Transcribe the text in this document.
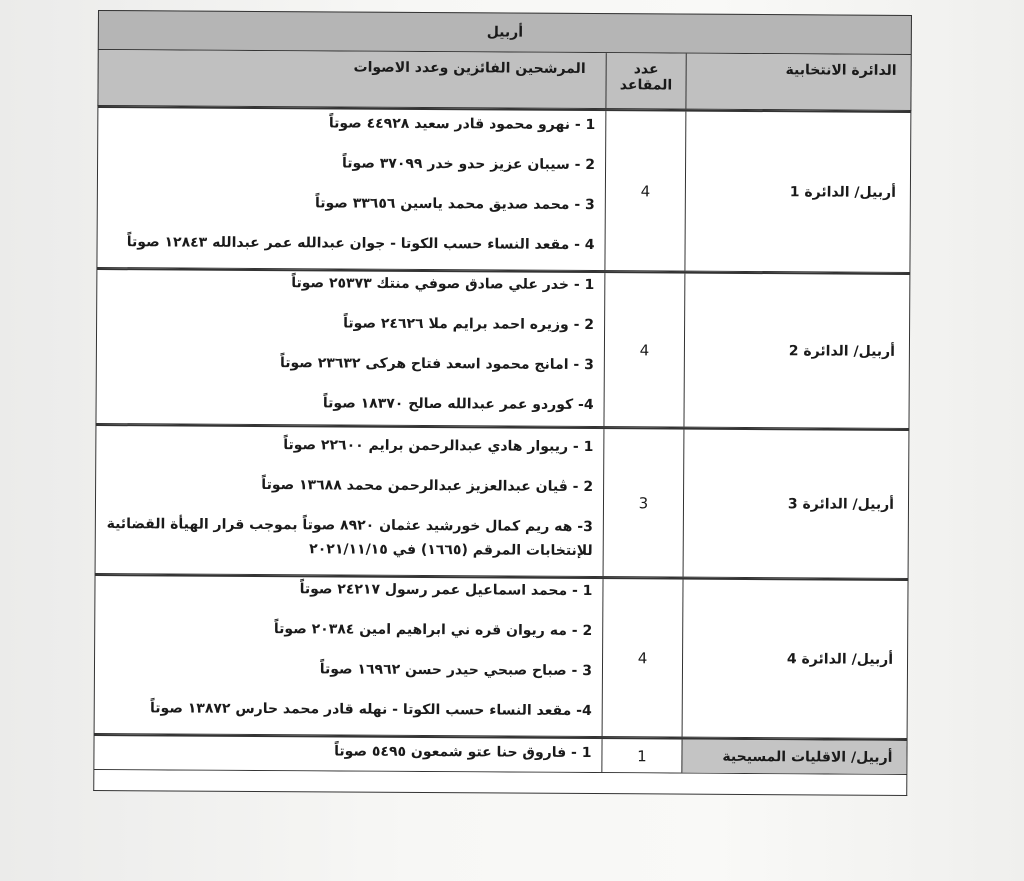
أربيل
الدائرة الانتخابية
عدد المقاعد
المرشحين الفائزين وعدد الاصوات
أربيل/ الدائرة 1
4
1 - نهرو محمود قادر سعيد ٤٤٩٢٨ صوتاً
2 - سيبان عزيز حدو خدر ٣٧٠٩٩ صوتاً
3 - محمد صديق محمد ياسين ٣٣٦٥٦ صوتاً
4 - مقعد النساء حسب الكوتا - جوان عبدالله عمر عبدالله ١٢٨٤٣ صوتاً
أربيل/ الدائرة 2
4
1 - خدر علي صادق صوفي منتك ٢٥٣٧٣ صوتاً
2 - وزيره احمد برايم ملا ٢٤٦٢٦ صوتاً
3 - امانج محمود اسعد فتاح هركى ٢٣٦٣٢ صوتاً
4- كوردو عمر عبدالله صالح ١٨٣٧٠ صوتاً
أربيل/ الدائرة 3
3
1 - ريبوار هادي عبدالرحمن برايم ٢٢٦٠٠ صوتاً
2 - ڤيان عبدالعزيز عبدالرحمن محمد ١٣٦٨٨ صوتاً
3- هه ريم كمال خورشيد عثمان ٨٩٢٠ صوتاً بموجب قرار الهيأة القضائية للإنتخابات المرقم (١٦٦٥) في ٢٠٢١/١١/١٥
أربيل/ الدائرة 4
4
1 - محمد اسماعيل عمر رسول ٢٤٢١٧ صوتاً
2 - مه ريوان قره ني ابراهيم امين ٢٠٣٨٤ صوتاً
3 - صباح صبحي حيدر حسن ١٦٩٦٢ صوتاً
4- مقعد النساء حسب الكوتا - نهله قادر محمد حارس ١٣٨٧٢ صوتاً
أربيل/ الاقليات المسيحية
1
1 - فاروق حنا عتو شمعون ٥٤٩٥ صوتاً
